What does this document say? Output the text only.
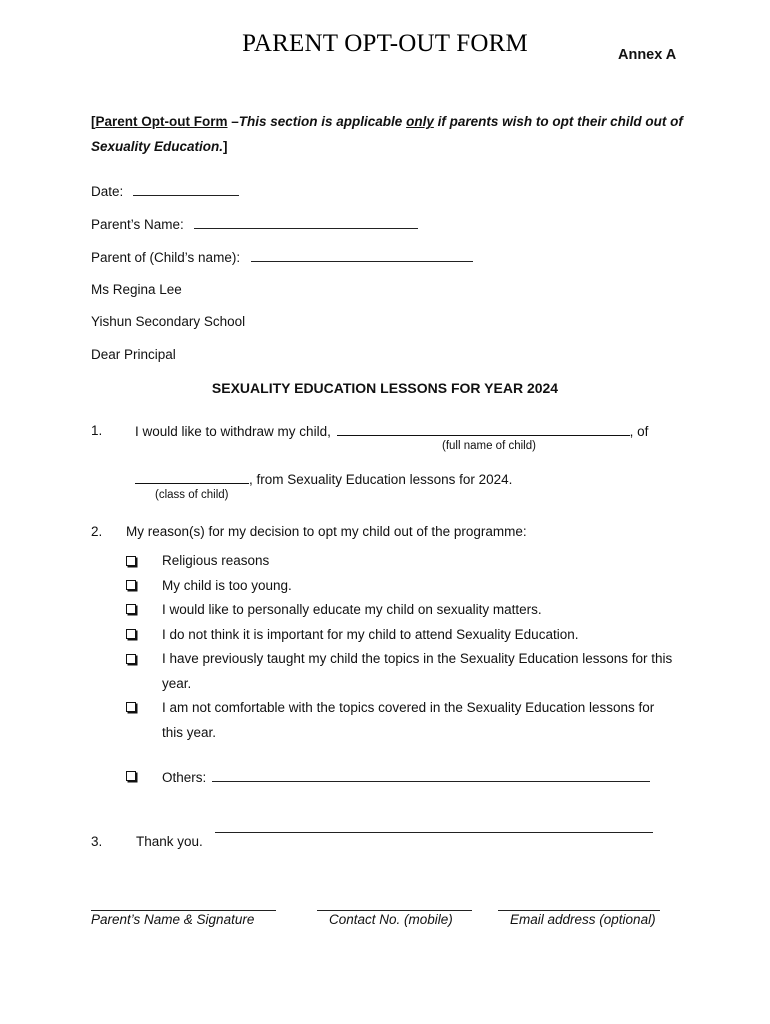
PARENT OPT-OUT FORM	Annex A
[Parent Opt-out Form –This section is applicable only if parents wish to opt their child out of Sexuality Education.]
Date:
Parent’s Name:
Parent of (Child’s name):
Ms Regina Lee
Yishun Secondary School
Dear Principal
SEXUALITY EDUCATION LESSONS FOR YEAR 2024
1. I would like to withdraw my child,	, of
(full name of child)
, from Sexuality Education lessons for 2024.
(class of child)
2. My reason(s) for my decision to opt my child out of the programme:
Religious reasons
My child is too young.
I would like to personally educate my child on sexuality matters.
I do not think it is important for my child to attend Sexuality Education.
I have previously taught my child the topics in the Sexuality Education lessons for this
year.
I am not comfortable with the topics covered in the Sexuality Education lessons for
this year.
Others:
3. Thank you.
Parent’s Name & Signature	Contact No. (mobile)	Email address (optional)
